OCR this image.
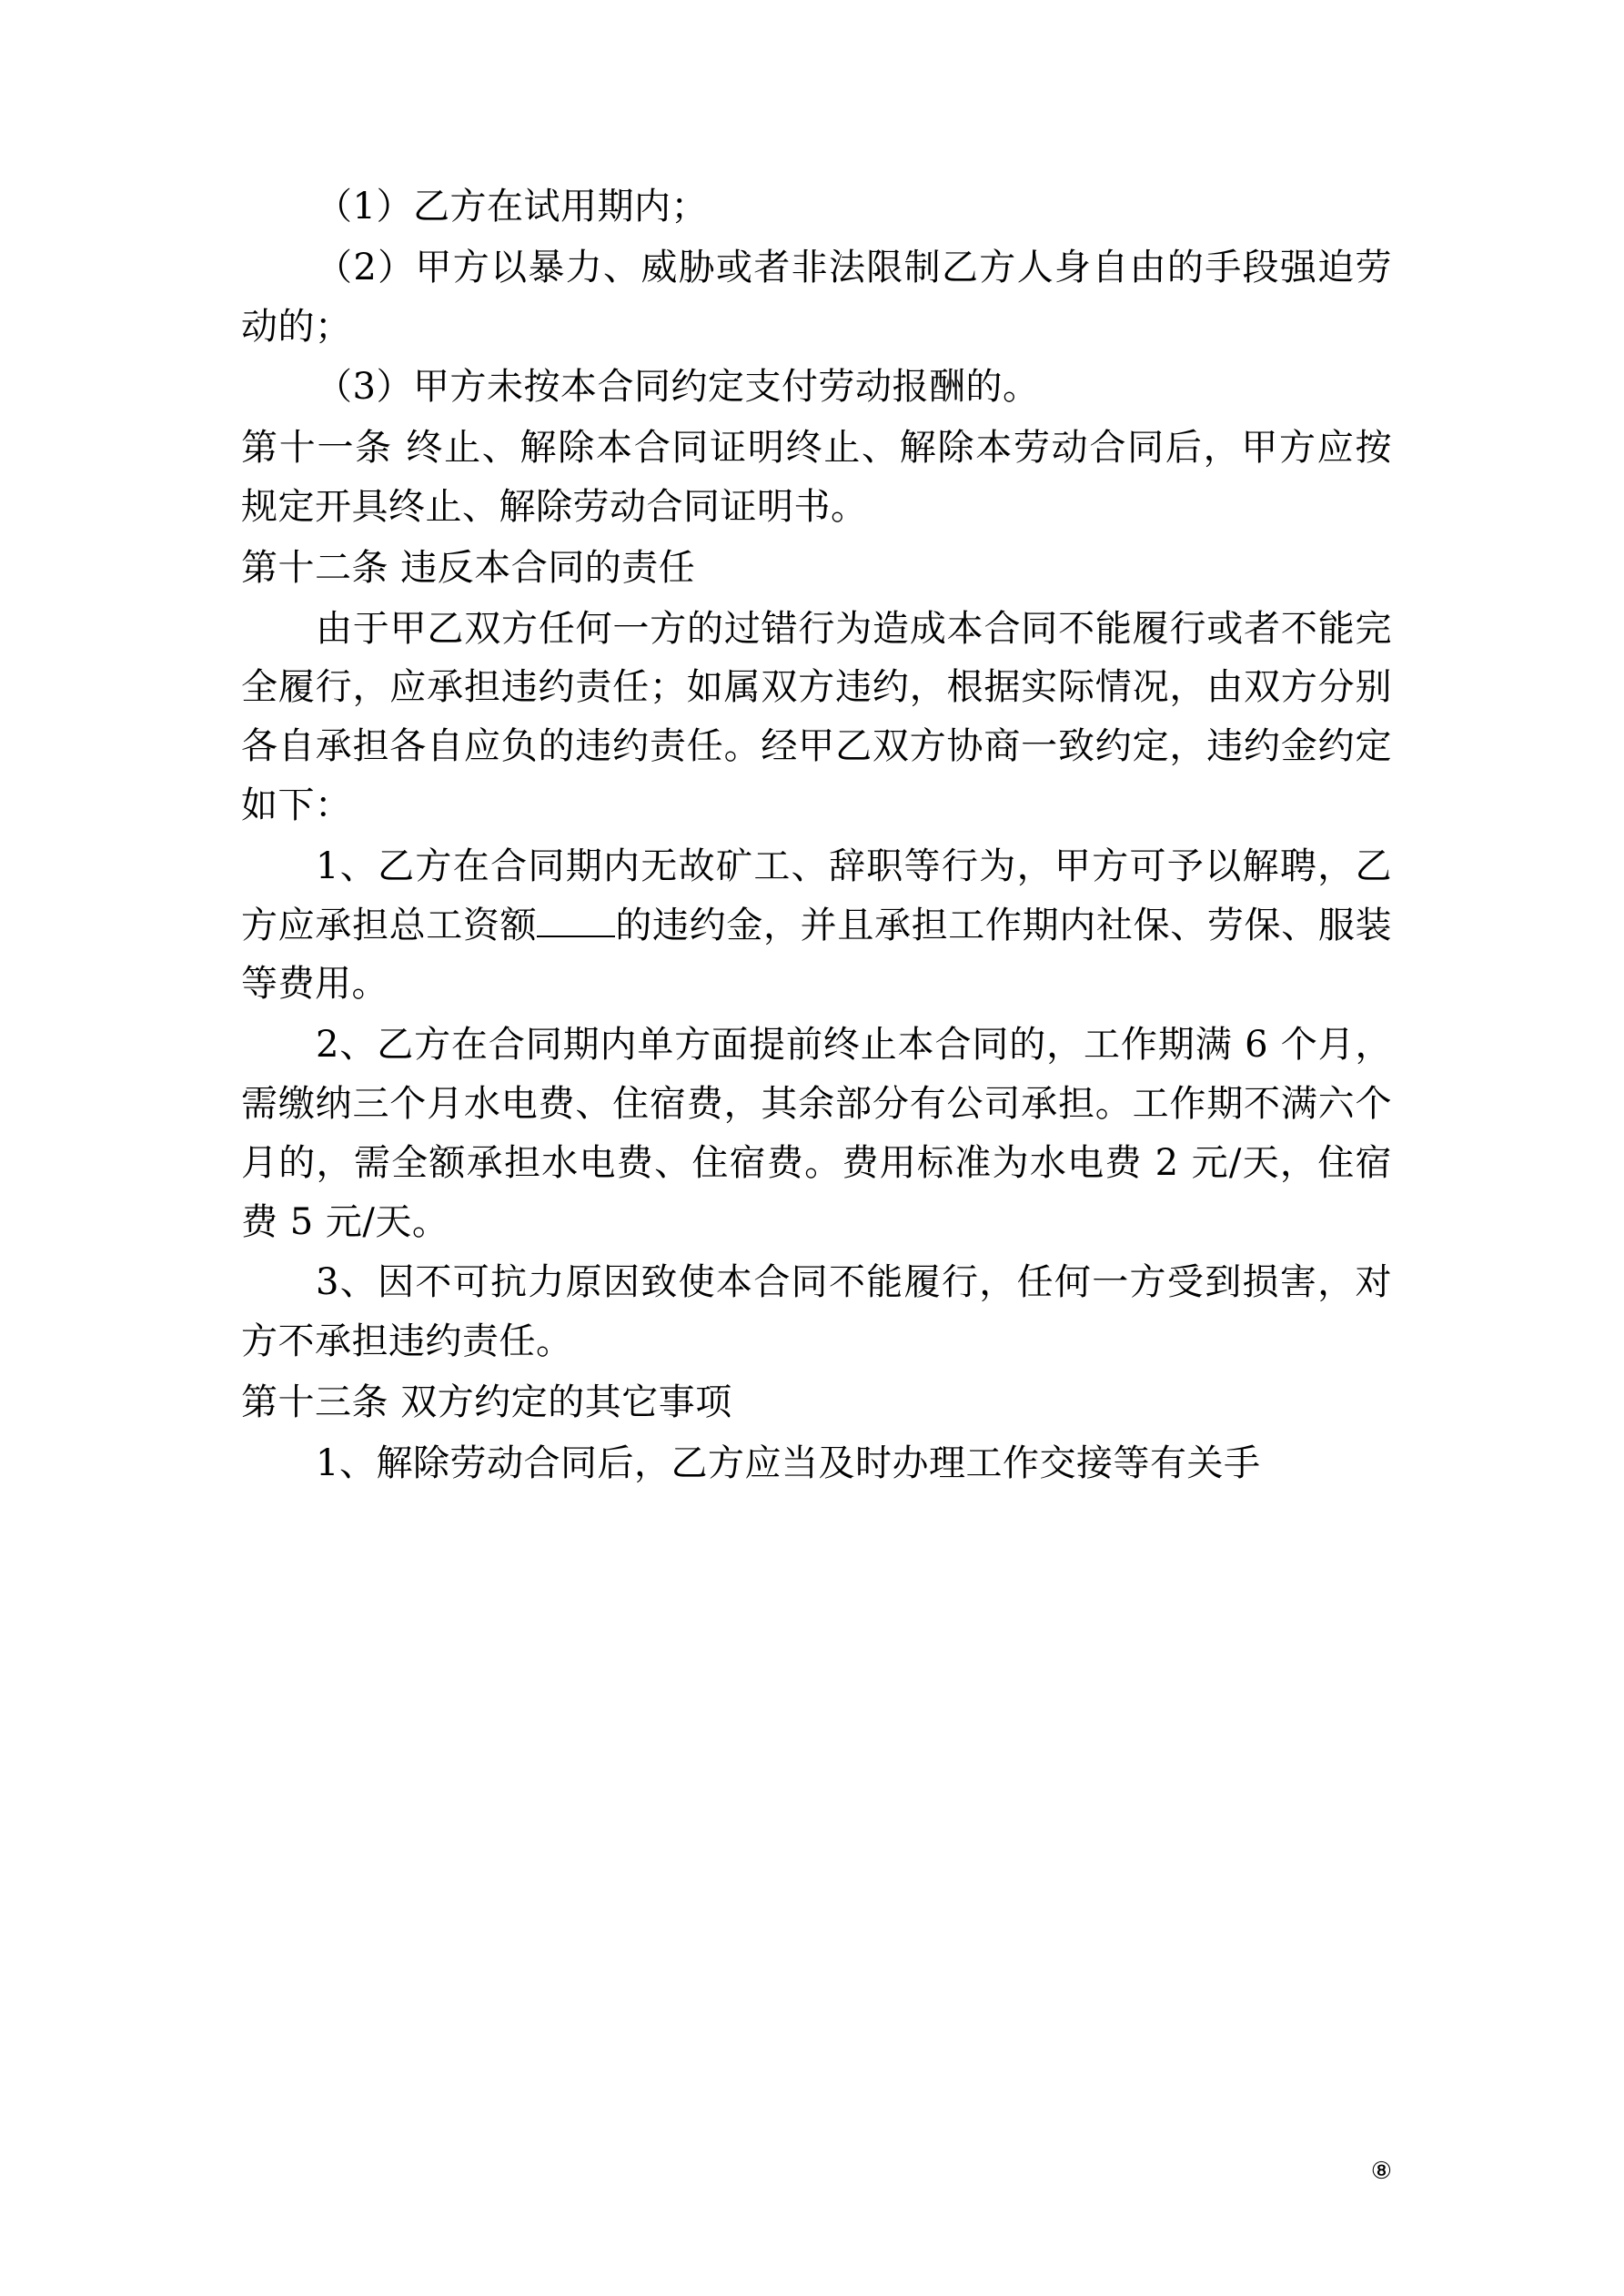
（1）乙方在试用期内；

（2）甲方以暴力、威胁或者非法限制乙方人身自由的手段强迫劳动的；

（3）甲方未按本合同约定支付劳动报酬的。

第十一条 终止、解除本合同证明终止、解除本劳动合同后，甲方应按规定开具终止、解除劳动合同证明书。

第十二条 违反本合同的责任

由于甲乙双方任何一方的过错行为造成本合同不能履行或者不能完全履行，应承担违约责任；如属双方违约，根据实际情况，由双方分别各自承担各自应负的违约责任。经甲乙双方协商一致约定，违约金约定如下：

1、乙方在合同期内无故矿工、辞职等行为，甲方可予以解聘，乙方应承担总工资额 的违约金，并且承担工作期内社保、劳保、服装等费用。

2、乙方在合同期内单方面提前终止本合同的，工作期满 6 个月，需缴纳三个月水电费、住宿费，其余部分有公司承担。工作期不满六个月的，需全额承担水电费、住宿费。费用标准为水电费 2 元/天，住宿费 5 元/天。

3、因不可抗力原因致使本合同不能履行，任何一方受到损害，对方不承担违约责任。

第十三条 双方约定的其它事项

1、解除劳动合同后，乙方应当及时办理工作交接等有关手

⑧
